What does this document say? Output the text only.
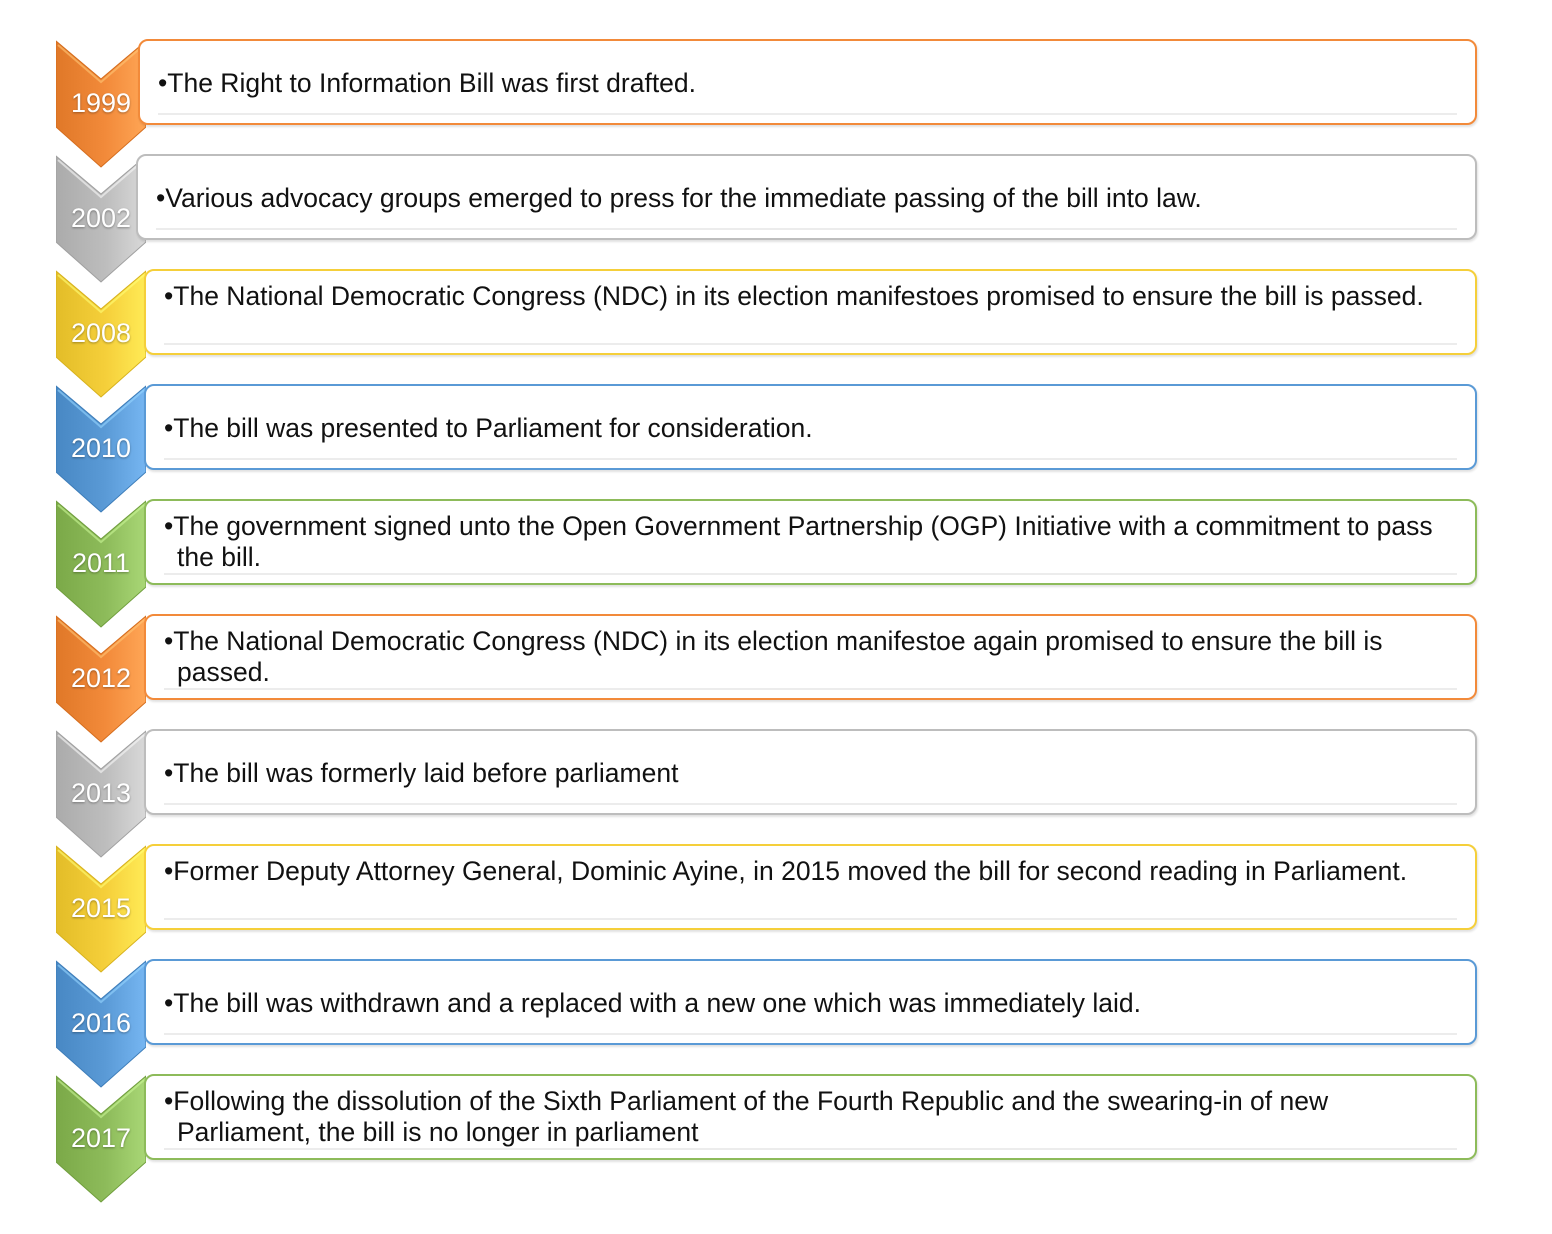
1999
•The Right to Information Bill was first drafted.
2002
•Various advocacy groups emerged to press for the immediate passing of the bill into law.
2008
•The National Democratic Congress (NDC) in its election manifestoes promised to ensure the bill is passed.
2010
•The bill was presented to Parliament for consideration.
2011
•The government signed unto the Open Government Partnership (OGP) Initiative with a commitment to pass the bill.
2012
•The National Democratic Congress (NDC) in its election manifestoe again promised to ensure the bill is passed.
2013
•The bill was formerly laid before parliament
2015
•Former Deputy Attorney General, Dominic Ayine, in 2015 moved the bill for second reading in Parliament.
2016
•The bill was withdrawn and a replaced with a new one which was immediately laid.
2017
•Following the dissolution of the Sixth Parliament of the Fourth Republic and the swearing-in of new Parliament, the bill is no longer in parliament
